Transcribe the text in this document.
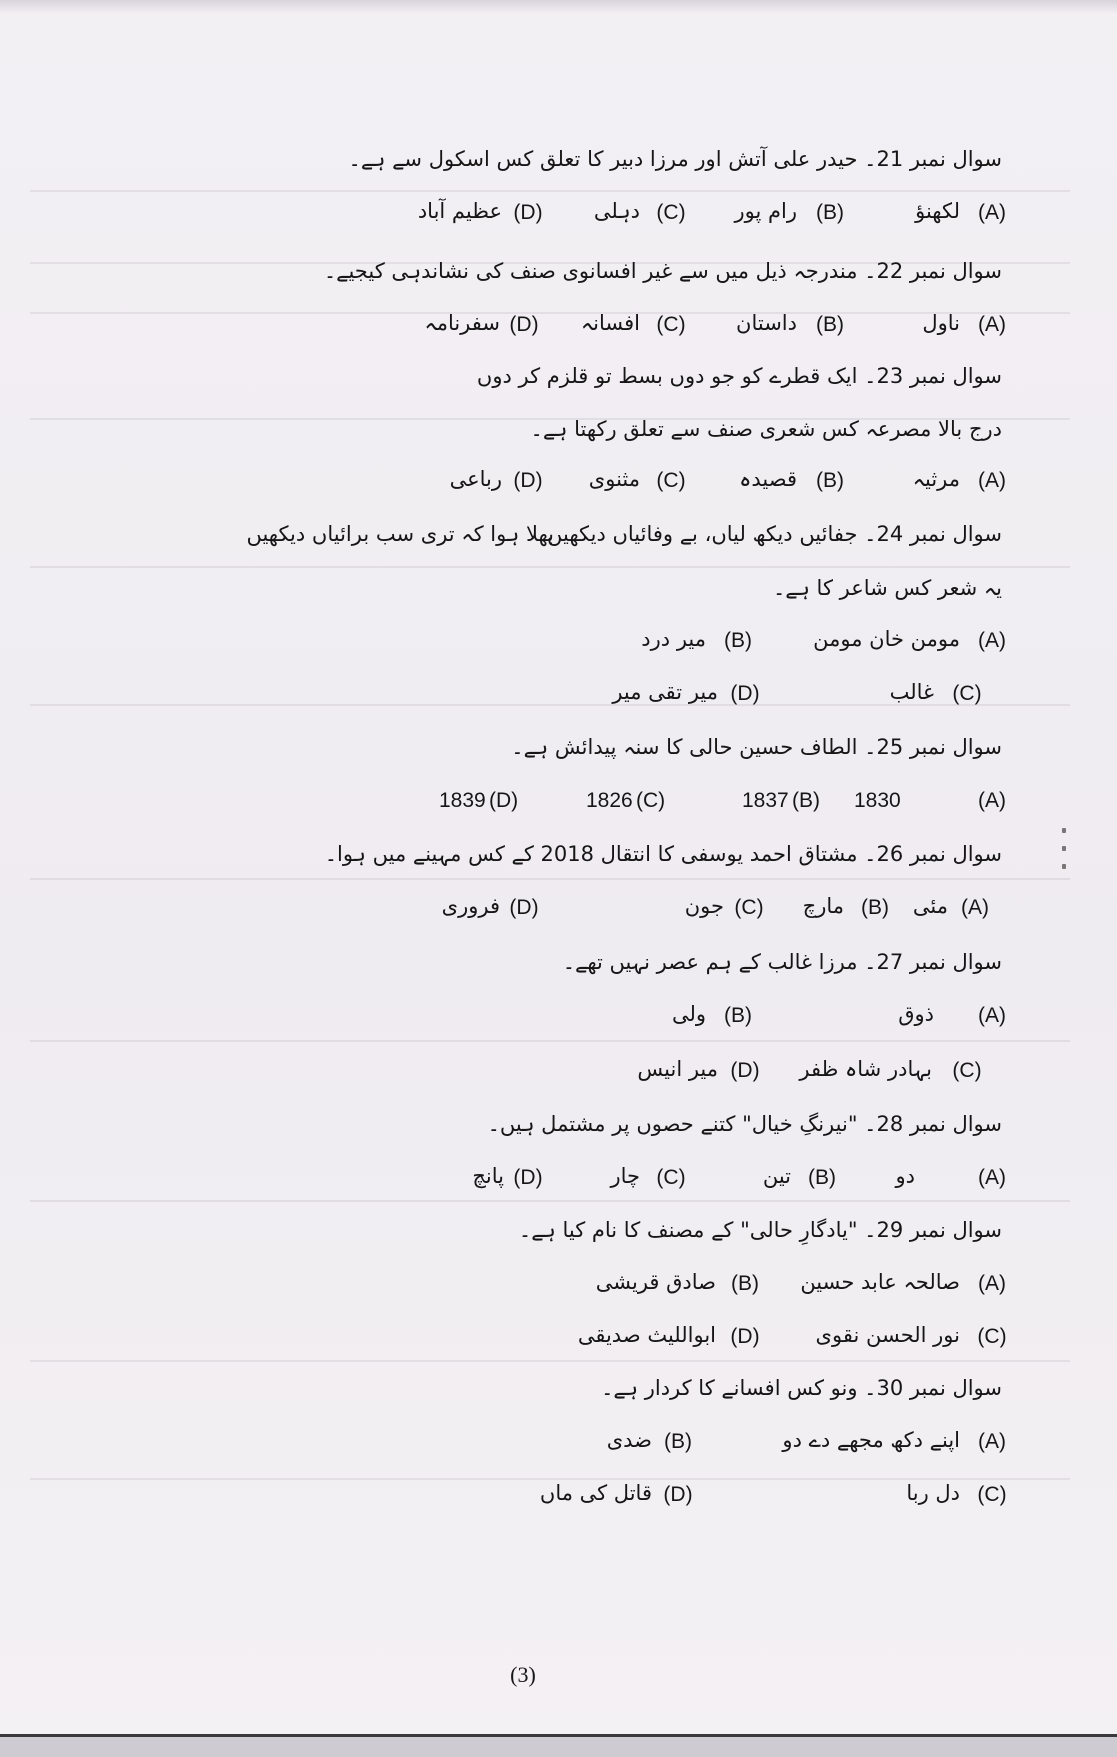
سوال نمبر 21۔ حیدر علی آتش اور مرزا دبیر کا تعلق کس اسکول سے ہے۔
(A)
لکھنؤ
(B)
رام پور
(C)
دہلی
(D)
عظیم آباد
سوال نمبر 22۔ مندرجہ ذیل میں سے غیر افسانوی صنف کی نشاندہی کیجیے۔
(A)
ناول
(B)
داستان
(C)
افسانہ
(D)
سفرنامہ
سوال نمبر 23۔ ایک قطرے کو جو دوں بسط تو قلزم کر دوں
درج بالا مصرعہ کس شعری صنف سے تعلق رکھتا ہے۔
(A)
مرثیہ
(B)
قصیدہ
(C)
مثنوی
(D)
رباعی
سوال نمبر 24۔ جفائیں دیکھ لیاں، بے وفائیاں دیکھیں
بھلا ہوا کہ تری سب برائیاں دیکھیں
یہ شعر کس شاعر کا ہے۔
(A)
مومن خان مومن
(B)
میر درد
(C)
غالب
(D)
میر تقی میر
سوال نمبر 25۔ الطاف حسین حالی کا سنہ پیدائش ہے۔
(A)
1830
1837 (B)
1826 (C)
1839 (D)
سوال نمبر 26۔ مشتاق احمد یوسفی کا انتقال 2018 کے کس مہینے میں ہوا۔
(A)
مئی
(B)
مارچ
(C)
جون
(D)
فروری
سوال نمبر 27۔ مرزا غالب کے ہم عصر نہیں تھے۔
(A)
ذوق
(B)
ولی
(C)
بہادر شاہ ظفر
(D)
میر انیس
سوال نمبر 28۔ "نیرنگِ خیال" کتنے حصوں پر مشتمل ہیں۔
(A)
دو
(B)
تین
(C)
چار
(D)
پانچ
سوال نمبر 29۔ "یادگارِ حالی" کے مصنف کا نام کیا ہے۔
(A)
صالحہ عابد حسین
(B)
صادق قریشی
(C)
نور الحسن نقوی
(D)
ابواللیث صدیقی
سوال نمبر 30۔ ونو کس افسانے کا کردار ہے۔
(A)
اپنے دکھ مجھے دے دو
(B)
ضدی
(C)
دل ربا
(D)
قاتل کی ماں
(3)
